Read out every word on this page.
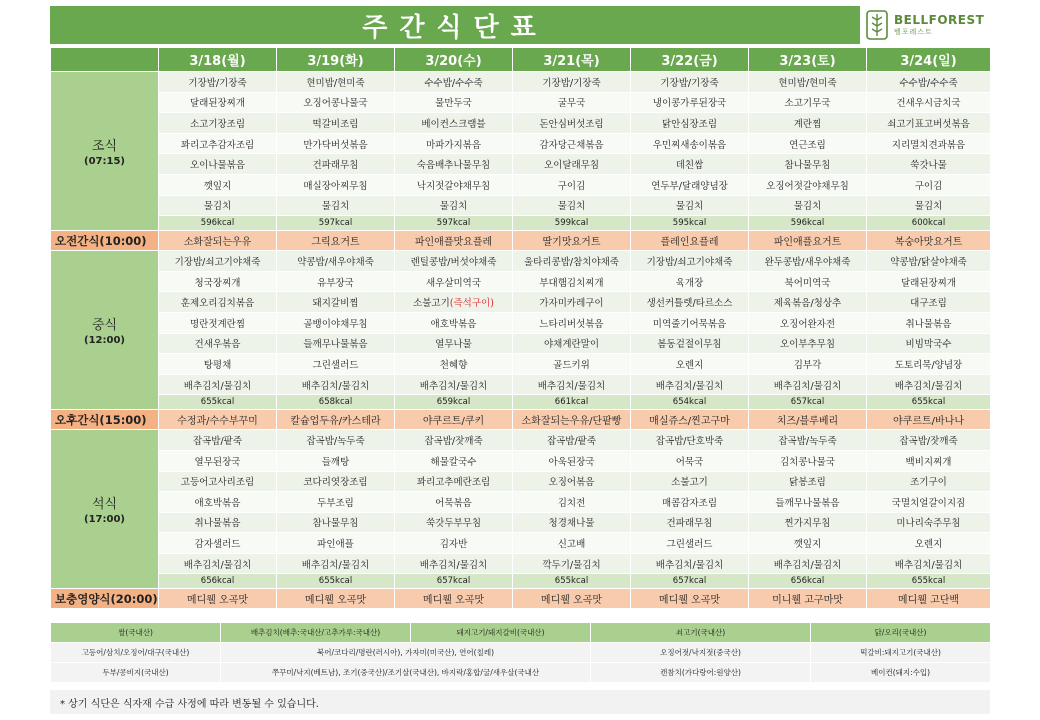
주간식단표	BELLFOREST
벨포레스트
	3/18(월)	3/19(화)	3/20(수)	3/21(목)	3/22(금)	3/23(토)	3/24(일)

조식
(07:15)	기장밥/기장죽	현미밥/현미죽	수수밥/수수죽	기장밥/기장죽	기장밥/기장죽	현미밥/현미죽	수수밥/수수죽
	달래된장찌개	오징어콩나물국	물만두국	굴무국	냉이콩가루된장국	소고기무국	건새우시금치국
	소고기장조림	떡갈비조림	베이컨스크램블	돈안심버섯조림	닭안심장조림	계란찜	쇠고기표고버섯볶음
	꽈리고추감자조림	만가닥버섯볶음	마파가지볶음	감자당근채볶음	우민찌새송이볶음	연근조림	지리멸치견과볶음
	오이나물볶음	건파래무침	숙음배추나물무침	오이달래무침	데친쌈	참나물무침	쑥갓나물
	깻잎지	매실장아찌무침	낙지젓갈야채무침	구이김	연두부/달래양념장	오징어젓갈야채무침	구이김
	물김치	물김치	물김치	물김치	물김치	물김치	물김치
	596kcal	597kcal	597kcal	599kcal	595kcal	596kcal	600kcal
오전간식(10:00)	소화잘되는우유	그릭요거트	파인애플맛요플레	딸기맛요거트	플레인요플레	파인애플요거트	복숭아맛요거트

중식
(12:00)	기장밥/쇠고기야채죽	약콩밥/새우야채죽	렌틸콩밥/버섯야채죽	울타리콩밥/참치야채죽	기장밥/쇠고기야채죽	완두콩밥/새우야채죽	약콩밥/닭살야채죽
	청국장찌개	유부장국	새우살미역국	부대햄김치찌개	육개장	북어미역국	달래된장찌개
	훈제오리김치볶음	돼지갈비찜	소불고기(즉석구이)	가자미카레구이	생선커틀렛/타르소스	제육볶음/청상추	대구조림
	명란젓계란찜	골뱅이야채무침	애호박볶음	느타리버섯볶음	미역줄기어묵볶음	오징어완자전	취나물볶음
	건새우볶음	들깨무나물볶음	열무나물	야채계란말이	봄동겉절이무침	오이부추무침	비빔막국수
	탕평채	그린샐러드	천혜향	골드키위	오렌지	김부각	도토리묵/양념장
	배추김치/물김치	배추김치/물김치	배추김치/물김치	배추김치/물김치	배추김치/물김치	배추김치/물김치	배추김치/물김치
	655kcal	658kcal	659kcal	661kcal	654kcal	657kcal	655kcal
오후간식(15:00)	수정과/수수부꾸미	칼슘업두유/카스테라	야쿠르트/쿠키	소화잘되는우유/단팥빵	매실쥬스/찐고구마	치즈/블루베리	야쿠르트/바나나

석식
(17:00)	잡곡밥/팥죽	잡곡밥/녹두죽	잡곡밥/잣깨죽	잡곡밥/팥죽	잡곡밥/단호박죽	잡곡밥/녹두죽	잡곡밥/잣깨죽
	열무된장국	들깨탕	해물칼국수	아욱된장국	어묵국	김치콩나물국	백비지찌개
	고등어고사리조림	코다리엿장조림	꽈리고추메란조림	오징어볶음	소불고기	닭봉조림	조기구이
	애호박볶음	두부조림	어묵볶음	김치전	매콤감자조림	들깨무나물볶음	국멸치얼갈이지짐
	취나물볶음	참나물무침	쑥갓두부무침	청경채나물	건파래무침	찐가지무침	미나리숙주무침
	감자샐러드	파인애플	김자반	신고배	그린샐러드	깻잎지	오렌지
	배추김치/물김치	배추김치/물김치	배추김치/물김치	깍두기/물김치	배추김치/물김치	배추김치/물김치	배추김치/물김치
	656kcal	655kcal	657kcal	655kcal	657kcal	656kcal	655kcal
보충영양식(20:00)	메디웰 오곡맛	메디웰 오곡맛	메디웰 오곡맛	메디웰 오곡맛	메디웰 오곡맛	미니웰 고구마맛	메디웰 고단백
쌀(국내산)	배추김치(배추:국내산/고추가루:국내산)	돼지고기/돼지갈비(국내산)	쇠고기(국내산)	닭/오리(국내산)
고등어/삼치/오징어/대구(국내산)	북어/코다리/명란(러시아), 가자미(미국산), 연어(칠레)		오징어젓/낙지젓(중국산)	떡갈비:돼지고기(국내산)
두부/콩비지(국내산)	쭈꾸미/낙지(베트남), 조기(중국산)/조기살(국내산), 바지락/홍합/굴/새우살(국내산		캔참치(가다랑어:원양산)	베이컨(돼지:수입)
* 상기 식단은 식자재 수급 사정에 따라 변동될 수 있습니다.
